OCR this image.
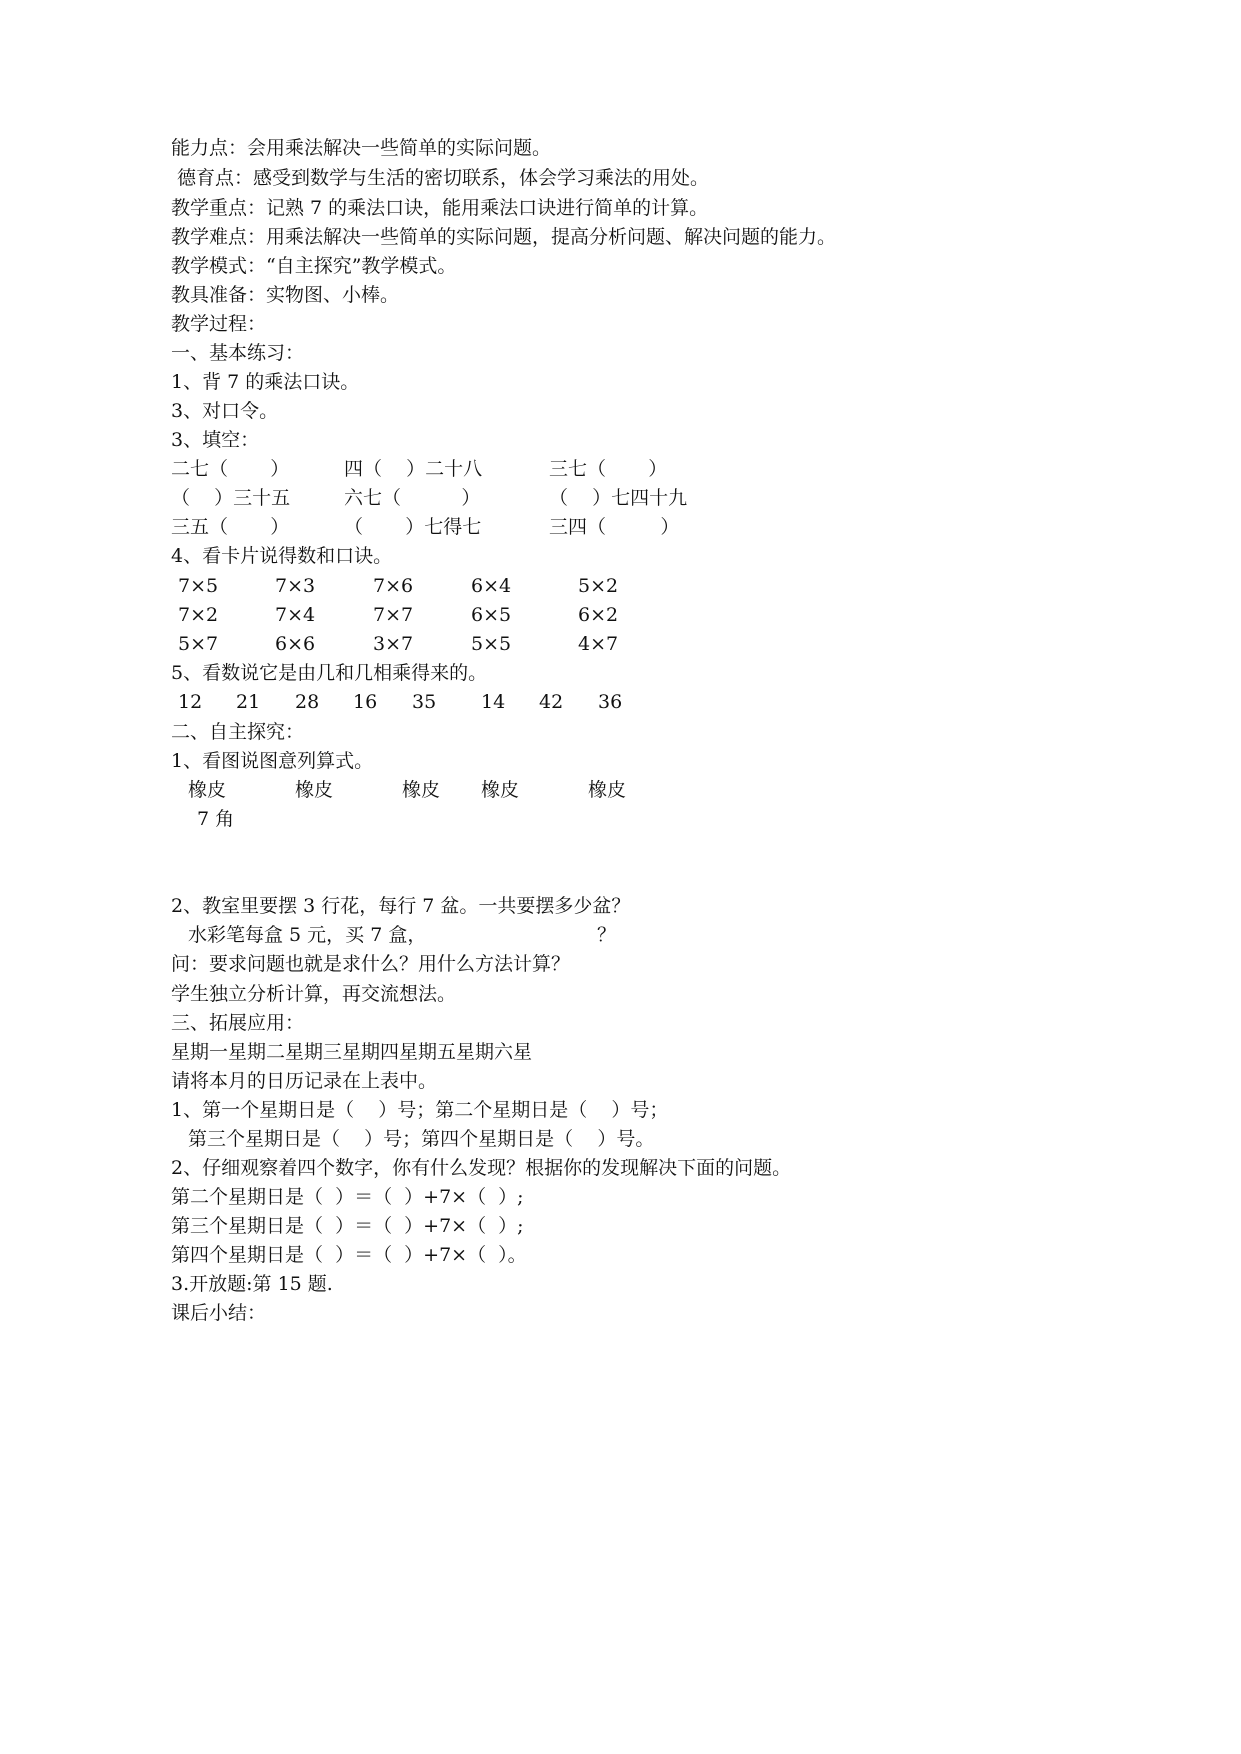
能力点：会用乘法解决一些简单的实际问题。
德育点：感受到数学与生活的密切联系，体会学习乘法的用处。
教学重点：记熟 7 的乘法口诀，能用乘法口诀进行简单的计算。
教学难点：用乘法解决一些简单的实际问题，提高分析问题、解决问题的能力。
教学模式：“自主探究”教学模式。
教具准备：实物图、小棒。
教学过程：
一、基本练习：
1、背 7 的乘法口诀。
3、对口令。
3、填空：
二七（       ）	四（    ）二十八	三七（       ）
（    ）三十五	六七（          ）	（    ）七四十九
三五（       ）	（       ）七得七	三四（         ）
4、看卡片说得数和口诀。
7×5	7×3	7×6	6×4	5×2
7×2	7×4	7×7	6×5	6×2
5×7	6×6	3×7	5×5	4×7
5、看数说它是由几和几相乘得来的。
12 21 28 16 35 14 42 36
二、自主探究：
1、看图说图意列算式。
橡皮	橡皮	橡皮 橡皮	橡皮
7 角
2、教室里要摆 3 行花，每行 7 盆。一共要摆多少盆？
水彩笔每盒 5 元，买 7 盒，	？
问：要求问题也就是求什么？用什么方法计算？
学生独立分析计算，再交流想法。
三、拓展应用：
星期一星期二星期三星期四星期五星期六星
请将本月的日历记录在上表中。
1、第一个星期日是（    ）号；第二个星期日是（    ）号；
第三个星期日是（    ）号；第四个星期日是（    ）号。
2、仔细观察着四个数字，你有什么发现？根据你的发现解决下面的问题。
第二个星期日是（  ）＝（  ）+7×（  ）;
第三个星期日是（  ）＝（  ）+7×（  ）;
第四个星期日是（  ）＝（  ）+7×（  ）。
3.开放题:第 15 题.
课后小结：
